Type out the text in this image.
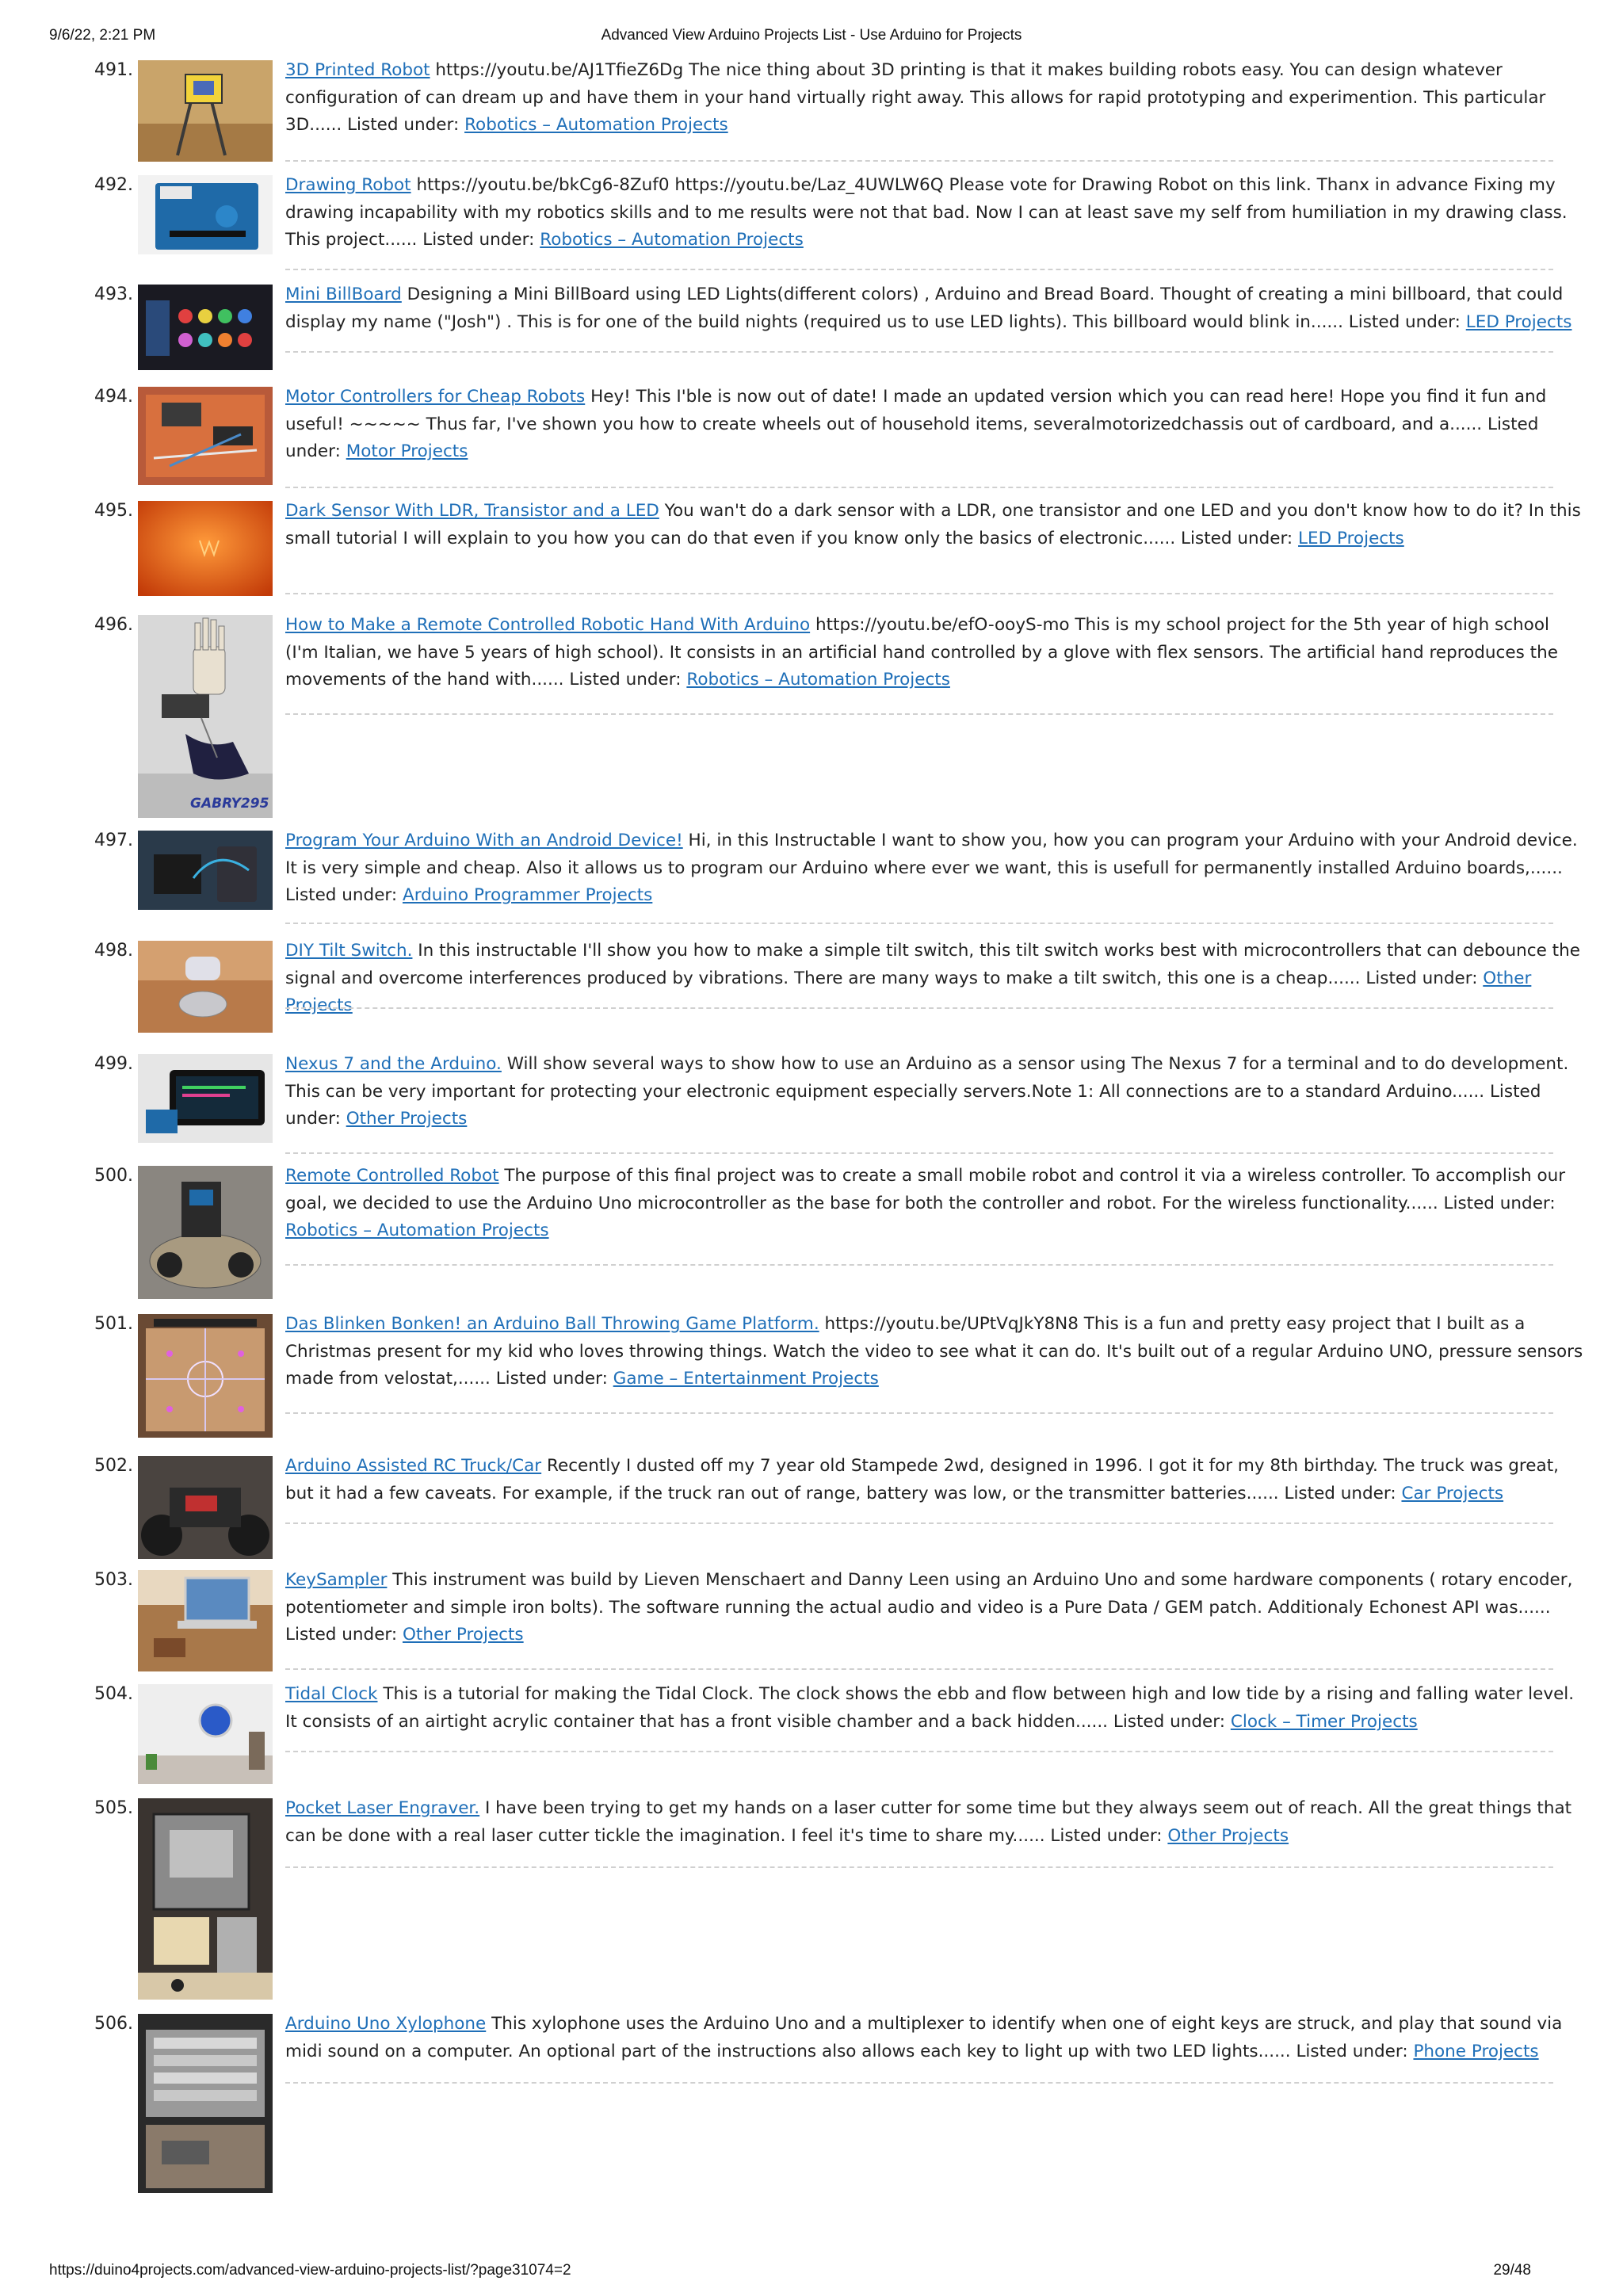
9/6/22, 2:21 PM	Advanced View Arduino Projects List - Use Arduino for Projects
491.	3D Printed Robot https://youtu.be/AJ1TfieZ6Dg The nice thing about 3D printing is that it makes building robots easy. You can design whatever configuration of can dream up and have them in your hand virtually right away. This allows for rapid prototyping and experimention. This particular 3D...... Listed under: Robotics – Automation Projects
492.	Drawing Robot https://youtu.be/bkCg6-8Zuf0 https://youtu.be/Laz_4UWLW6Q Please vote for Drawing Robot on this link. Thanx in advance Fixing my drawing incapability with my robotics skills and to me results were not that bad. Now I can at least save my self from humiliation in my drawing class. This project...... Listed under: Robotics – Automation Projects
493.	Mini BillBoard Designing a Mini BillBoard using LED Lights(different colors) , Arduino and Bread Board. Thought of creating a mini billboard, that could display my name ("Josh") . This is for one of the build nights (required us to use LED lights). This billboard would blink in...... Listed under: LED Projects
494.	Motor Controllers for Cheap Robots Hey! This I'ble is now out of date! I made an updated version which you can read here! Hope you find it fun and useful! ~~~~~ Thus far, I've shown you how to create wheels out of household items, severalmotorizedchassis out of cardboard, and a...... Listed under: Motor Projects
495.	Dark Sensor With LDR, Transistor and a LED You wan't do a dark sensor with a LDR, one transistor and one LED and you don't know how to do it? In this small tutorial I will explain to you how you can do that even if you know only the basics of electronic...... Listed under: LED Projects
496.
GABRY295
How to Make a Remote Controlled Robotic Hand With Arduino https://youtu.be/efO-ooyS-mo This is my school project for the 5th year of high school (I'm Italian, we have 5 years of high school). It consists in an artificial hand controlled by a glove with flex sensors. The artificial hand reproduces the movements of the hand with...... Listed under: Robotics – Automation Projects
497.	Program Your Arduino With an Android Device! Hi, in this Instructable I want to show you, how you can program your Arduino with your Android device. It is very simple and cheap. Also it allows us to program our Arduino where ever we want, this is usefull for permanently installed Arduino boards,...... Listed under: Arduino Programmer Projects
498.	DIY Tilt Switch. In this instructable I'll show you how to make a simple tilt switch, this tilt switch works best with microcontrollers that can debounce the signal and overcome interferences produced by vibrations. There are many ways to make a tilt switch, this one is a cheap...... Listed under: Other Projects
499.	Nexus 7 and the Arduino. Will show several ways to show how to use an Arduino as a sensor using The Nexus 7 for a terminal and to do development. This can be very important for protecting your electronic equipment especially servers.Note 1: All connections are to a standard Arduino...... Listed under: Other Projects
500.	Remote Controlled Robot The purpose of this final project was to create a small mobile robot and control it via a wireless controller. To accomplish our goal, we decided to use the Arduino Uno microcontroller as the base for both the controller and robot. For the wireless functionality...... Listed under: Robotics – Automation Projects
501.	Das Blinken Bonken! an Arduino Ball Throwing Game Platform. https://youtu.be/UPtVqJkY8N8 This is a fun and pretty easy project that I built as a Christmas present for my kid who loves throwing things. Watch the video to see what it can do. It's built out of a regular Arduino UNO, pressure sensors made from velostat,...... Listed under: Game – Entertainment Projects
502.	Arduino Assisted RC Truck/Car Recently I dusted off my 7 year old Stampede 2wd, designed in 1996. I got it for my 8th birthday. The truck was great, but it had a few caveats. For example, if the truck ran out of range, battery was low, or the transmitter batteries...... Listed under: Car Projects
503.	KeySampler This instrument was build by Lieven Menschaert and Danny Leen using an Arduino Uno and some hardware components ( rotary encoder, potentiometer and simple iron bolts). The software running the actual audio and video is a Pure Data / GEM patch. Additionaly Echonest API was...... Listed under: Other Projects
504.	Tidal Clock This is a tutorial for making the Tidal Clock. The clock shows the ebb and flow between high and low tide by a rising and falling water level. It consists of an airtight acrylic container that has a front visible chamber and a back hidden...... Listed under: Clock – Timer Projects
505.	Pocket Laser Engraver. I have been trying to get my hands on a laser cutter for some time but they always seem out of reach. All the great things that can be done with a real laser cutter tickle the imagination. I feel it's time to share my...... Listed under: Other Projects
506.	Arduino Uno Xylophone This xylophone uses the Arduino Uno and a multiplexer to identify when one of eight keys are struck, and play that sound via midi sound on a computer. An optional part of the instructions also allows each key to light up with two LED lights...... Listed under: Phone Projects
https://duino4projects.com/advanced-view-arduino-projects-list/?page31074=2	29/48
